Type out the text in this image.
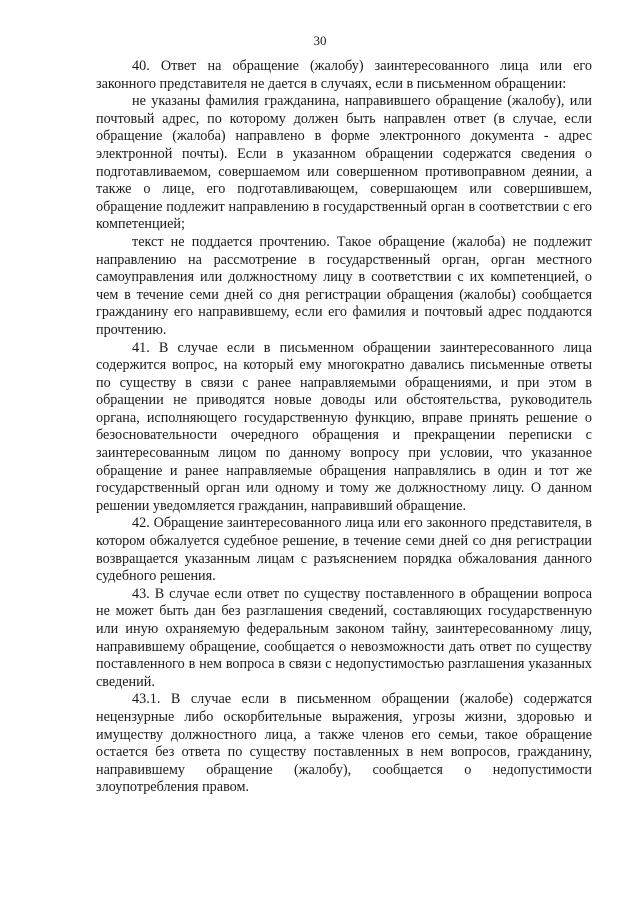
30

40. Ответ на обращение (жалобу) заинтересованного лица или его законного представителя не дается в случаях, если в письменном обращении:

не указаны фамилия гражданина, направившего обращение (жалобу), или почтовый адрес, по которому должен быть направлен ответ (в случае, если обращение (жалоба) направлено в форме электронного документа - адрес электронной почты). Если в указанном обращении содержатся сведения о подготавливаемом, совершаемом или совершенном противоправном деянии, а также о лице, его подготавливающем, совершающем или совершившем, обращение подлежит направлению в государственный орган в соответствии с его компетенцией;

текст не поддается прочтению. Такое обращение (жалоба) не подлежит направлению на рассмотрение в государственный орган, орган местного самоуправления или должностному лицу в соответствии с их компетенцией, о чем в течение семи дней со дня регистрации обращения (жалобы) сообщается гражданину его направившему, если его фамилия и почтовый адрес поддаются прочтению.

41. В случае если в письменном обращении заинтересованного лица содержится вопрос, на который ему многократно давались письменные ответы по существу в связи с ранее направляемыми обращениями, и при этом в обращении не приводятся новые доводы или обстоятельства, руководитель органа, исполняющего государственную функцию, вправе принять решение о безосновательности очередного обращения и прекращении переписки с заинтересованным лицом по данному вопросу при условии, что указанное обращение и ранее направляемые обращения направлялись в один и тот же государственный орган или одному и тому же должностному лицу. О данном решении уведомляется гражданин, направивший обращение.

42. Обращение заинтересованного лица или его законного представителя, в котором обжалуется судебное решение, в течение семи дней со дня регистрации возвращается указанным лицам с разъяснением порядка обжалования данного судебного решения.

43. В случае если ответ по существу поставленного в обращении вопроса не может быть дан без разглашения сведений, составляющих государственную или иную охраняемую федеральным законом тайну, заинтересованному лицу, направившему обращение, сообщается о невозможности дать ответ по существу поставленного в нем вопроса в связи с недопустимостью разглашения указанных сведений.

43.1. В случае если в письменном обращении (жалобе) содержатся нецензурные либо оскорбительные выражения, угрозы жизни, здоровью и имуществу должностного лица, а также членов его семьи, такое обращение остается без ответа по существу поставленных в нем вопросов, гражданину, направившему обращение (жалобу), сообщается о недопустимости злоупотребления правом.
